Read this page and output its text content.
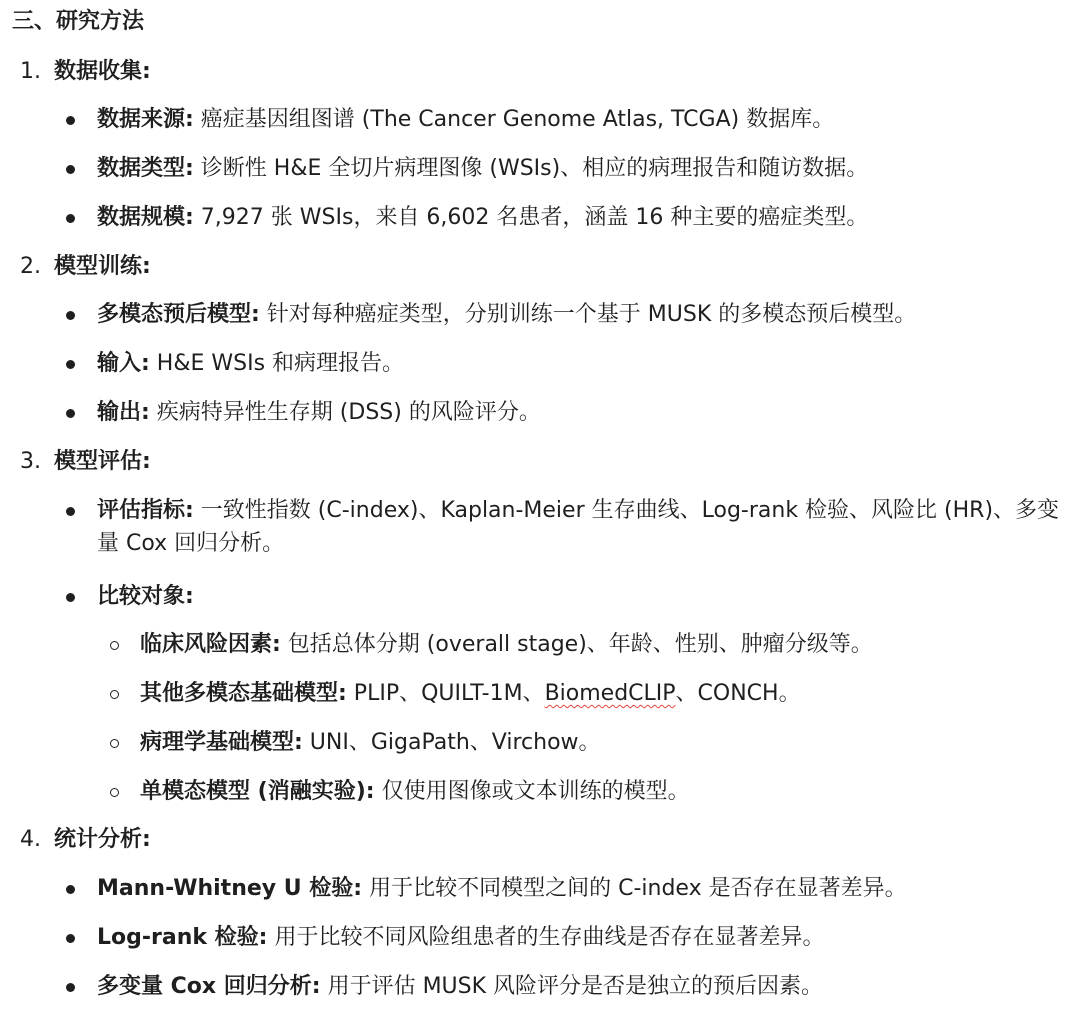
三、研究方法
1. 数据收集:
数据来源: 癌症基因组图谱 (The Cancer Genome Atlas, TCGA) 数据库。
数据类型: 诊断性 H&E 全切片病理图像 (WSIs)、相应的病理报告和随访数据。
数据规模: 7,927 张 WSIs，来自 6,602 名患者，涵盖 16 种主要的癌症类型。
2. 模型训练:
多模态预后模型: 针对每种癌症类型，分别训练一个基于 MUSK 的多模态预后模型。
输入: H&E WSIs 和病理报告。
输出: 疾病特异性生存期 (DSS) 的风险评分。
3. 模型评估:
评估指标: 一致性指数 (C-index)、Kaplan-Meier 生存曲线、Log-rank 检验、风险比 (HR)、多变量 Cox 回归分析。
比较对象:
临床风险因素: 包括总体分期 (overall stage)、年龄、性别、肿瘤分级等。
其他多模态基础模型: PLIP、QUILT-1M、BiomedCLIP、CONCH。
病理学基础模型: UNI、GigaPath、Virchow。
单模态模型 (消融实验): 仅使用图像或文本训练的模型。
4. 统计分析:
Mann-Whitney U 检验: 用于比较不同模型之间的 C-index 是否存在显著差异。
Log-rank 检验: 用于比较不同风险组患者的生存曲线是否存在显著差异。
多变量 Cox 回归分析: 用于评估 MUSK 风险评分是否是独立的预后因素。
